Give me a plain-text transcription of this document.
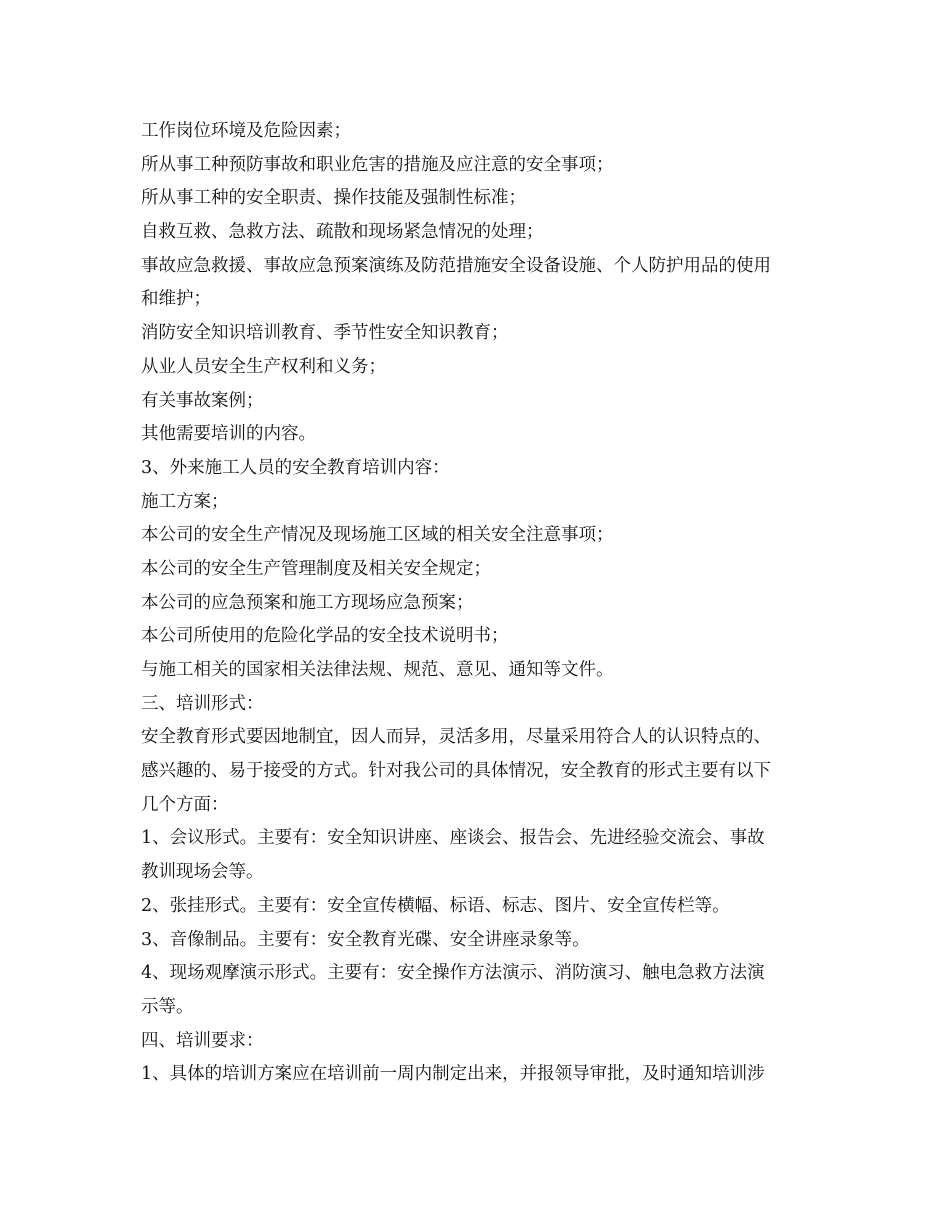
工作岗位环境及危险因素；
所从事工种预防事故和职业危害的措施及应注意的安全事项；
所从事工种的安全职责、操作技能及强制性标准；
自救互救、急救方法、疏散和现场紧急情况的处理；
事故应急救援、事故应急预案演练及防范措施安全设备设施、个人防护用品的使用
和维护；
消防安全知识培训教育、季节性安全知识教育；
从业人员安全生产权利和义务；
有关事故案例；
其他需要培训的内容。
3、外来施工人员的安全教育培训内容：
施工方案；
本公司的安全生产情况及现场施工区域的相关安全注意事项；
本公司的安全生产管理制度及相关安全规定；
本公司的应急预案和施工方现场应急预案；
本公司所使用的危险化学品的安全技术说明书；
与施工相关的国家相关法律法规、规范、意见、通知等文件。
三、培训形式：
安全教育形式要因地制宜，因人而异，灵活多用，尽量采用符合人的认识特点的、
感兴趣的、易于接受的方式。针对我公司的具体情况，安全教育的形式主要有以下
几个方面：
1、会议形式。主要有：安全知识讲座、座谈会、报告会、先进经验交流会、事故
教训现场会等。
2、张挂形式。主要有：安全宣传横幅、标语、标志、图片、安全宣传栏等。
3、音像制品。主要有：安全教育光碟、安全讲座录象等。
4、现场观摩演示形式。主要有：安全操作方法演示、消防演习、触电急救方法演
示等。
四、培训要求：
1、具体的培训方案应在培训前一周内制定出来，并报领导审批，及时通知培训涉
